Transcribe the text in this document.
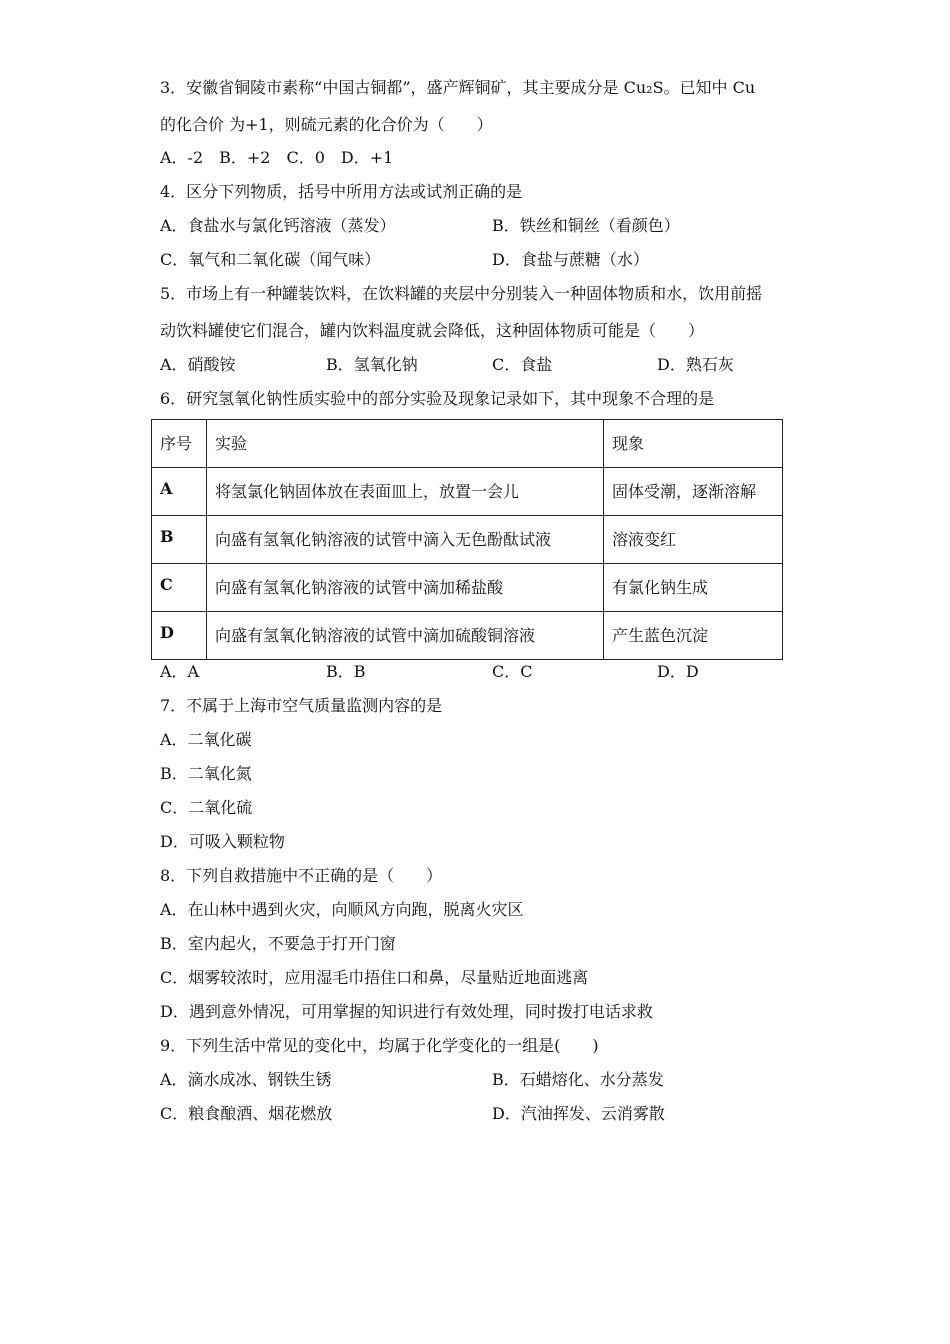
3．安徽省铜陵市素称“中国古铜都”，盛产辉铜矿，其主要成分是 Cu₂S。已知中 Cu
的化合价 为+1，则硫元素的化合价为（　　）
A．-2　B．+2　C．0　D．+1
4．区分下列物质，括号中所用方法或试剂正确的是
A．食盐水与氯化钙溶液（蒸发）	B．铁丝和铜丝（看颜色）
C．氧气和二氧化碳（闻气味）	D．食盐与蔗糖（水）
5．市场上有一种罐装饮料，在饮料罐的夹层中分别装入一种固体物质和水，饮用前摇
动饮料罐使它们混合，罐内饮料温度就会降低，这种固体物质可能是（　　）
A．硝酸铵	B．氢氧化钠	C．食盐	D．熟石灰
6．研究氢氧化钠性质实验中的部分实验及现象记录如下，其中现象不合理的是
序号	实验	现象
A	将氢氯化钠固体放在表面皿上，放置一会儿	固体受潮，逐渐溶解
B	向盛有氢氧化钠溶液的试管中滴入无色酚酞试液	溶液变红
C	向盛有氢氧化钠溶液的试管中滴加稀盐酸	有氯化钠生成
D	向盛有氢氧化钠溶液的试管中滴加硫酸铜溶液	产生蓝色沉淀
A．A	B．B	C．C	D．D
7．不属于上海市空气质量监测内容的是
A．二氧化碳
B．二氧化氮
C．二氧化硫
D．可吸入颗粒物
8．下列自救措施中不正确的是（　　）
A．在山林中遇到火灾，向顺风方向跑，脱离火灾区
B．室内起火，不要急于打开门窗
C．烟雾较浓时，应用湿毛巾捂住口和鼻，尽量贴近地面逃离
D．遇到意外情况，可用掌握的知识进行有效处理，同时拨打电话求救
9．下列生活中常见的变化中，均属于化学变化的一组是(　　)
A．滴水成冰、钢铁生锈	B．石蜡熔化、水分蒸发
C．粮食酿酒、烟花燃放	D．汽油挥发、云消雾散
